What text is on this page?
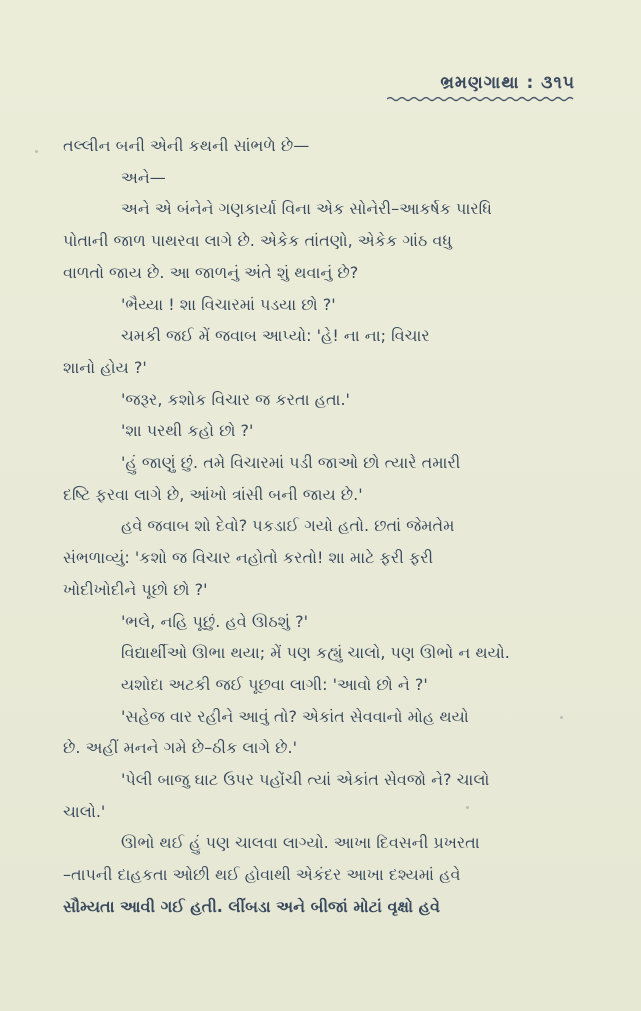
ભ્રમણગાથા : ૩૧૫

તલ્લીન બની એની કથની સાંભળે છે—

અને—

અને એ બંનેને ગણકાર્યા વિના એક સોનેરી–આકર્ષક પારધિ

પોતાની જાળ પાથરવા લાગે છે. એકેક તાંતણો, એકેક ગાંઠ વધુ

વાળતો જાય છે. આ જાળનું અંતે શું થવાનું છે?

'ભૈય્યા ! શા વિચારમાં પડયા છો ?'

ચમકી જઈ મેં જવાબ આપ્યો: 'હે! ના ના; વિચાર

શાનો હોય ?'

'જરૂર, કશોક વિચાર જ કરતા હતા.'

'શા પરથી કહો છો ?'

'હું જાણું છું. તમે વિચારમાં પડી જાઓ છો ત્યારે તમારી

દષ્ટિ ફરવા લાગે છે, આંખો ત્રાંસી બની જાય છે.'

હવે જવાબ શો દેવો? પકડાઈ ગયો હતો. છતાં જેમતેમ

સંભળાવ્યું: 'કશો જ વિચાર નહોતો કરતો! શા માટે ફરી ફરી

ખોદીખોદીને પૂછો છો ?'

'ભલે, નહિ પૂછું. હવે ઊઠશું ?'

વિદ્યાર્થીઓ ઊભા થયા; મેં પણ કહ્યું ચાલો, પણ ઊભો ન થયો.

યશોદા અટકી જઈ પૂછવા લાગી: 'આવો છો ને ?'

'સહેજ વાર રહીને આવું તો? એકાંત સેવવાનો મોહ થયો

છે. અહીં મનને ગમે છે–ઠીક લાગે છે.'

'પેલી બાજુ ઘાટ ઉપર પહોંચી ત્યાં એકાંત સેવજો ને? ચાલો

ચાલો.'

ઊભો થઈ હું પણ ચાલવા લાગ્યો. આખા દિવસની પ્રખરતા

–તાપની દાહકતા ઓછી થઈ હોવાથી એકંદર આખા દશ્યમાં હવે

સૌમ્યતા આવી ગઈ હતી. લીંબડા અને બીજાં મોટાં વૃક્ષો હવે
